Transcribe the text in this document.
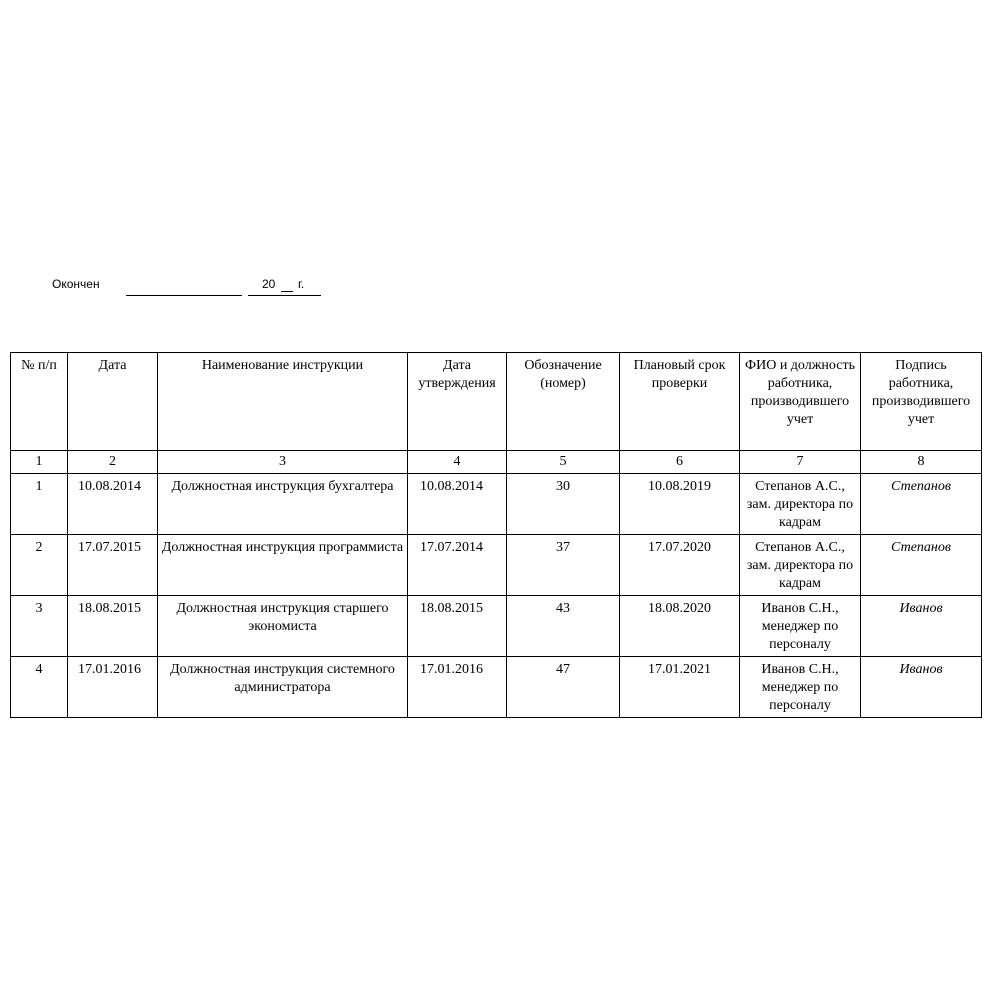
Окончен	20 г.
№ п/п	Дата	Наименование инструкции	Дата утверждения	Обозначение (номер)	Плановый срок проверки	ФИО и должность работника, производившего учет	Подпись работника, производившего учет
1	2	3	4	5	6	7	8
1	10.08.2014	Должностная инструкция бухгалтера	10.08.2014	30	10.08.2019	Степанов А.С., зам. директора по кадрам	Степанов
2	17.07.2015	Должностная инструкция программиста	17.07.2014	37	17.07.2020	Степанов А.С., зам. директора по кадрам	Степанов
3	18.08.2015	Должностная инструкция старшего экономиста	18.08.2015	43	18.08.2020	Иванов С.Н., менеджер по персоналу	Иванов
4	17.01.2016	Должностная инструкция системного администратора	17.01.2016	47	17.01.2021	Иванов С.Н., менеджер по персоналу	Иванов
